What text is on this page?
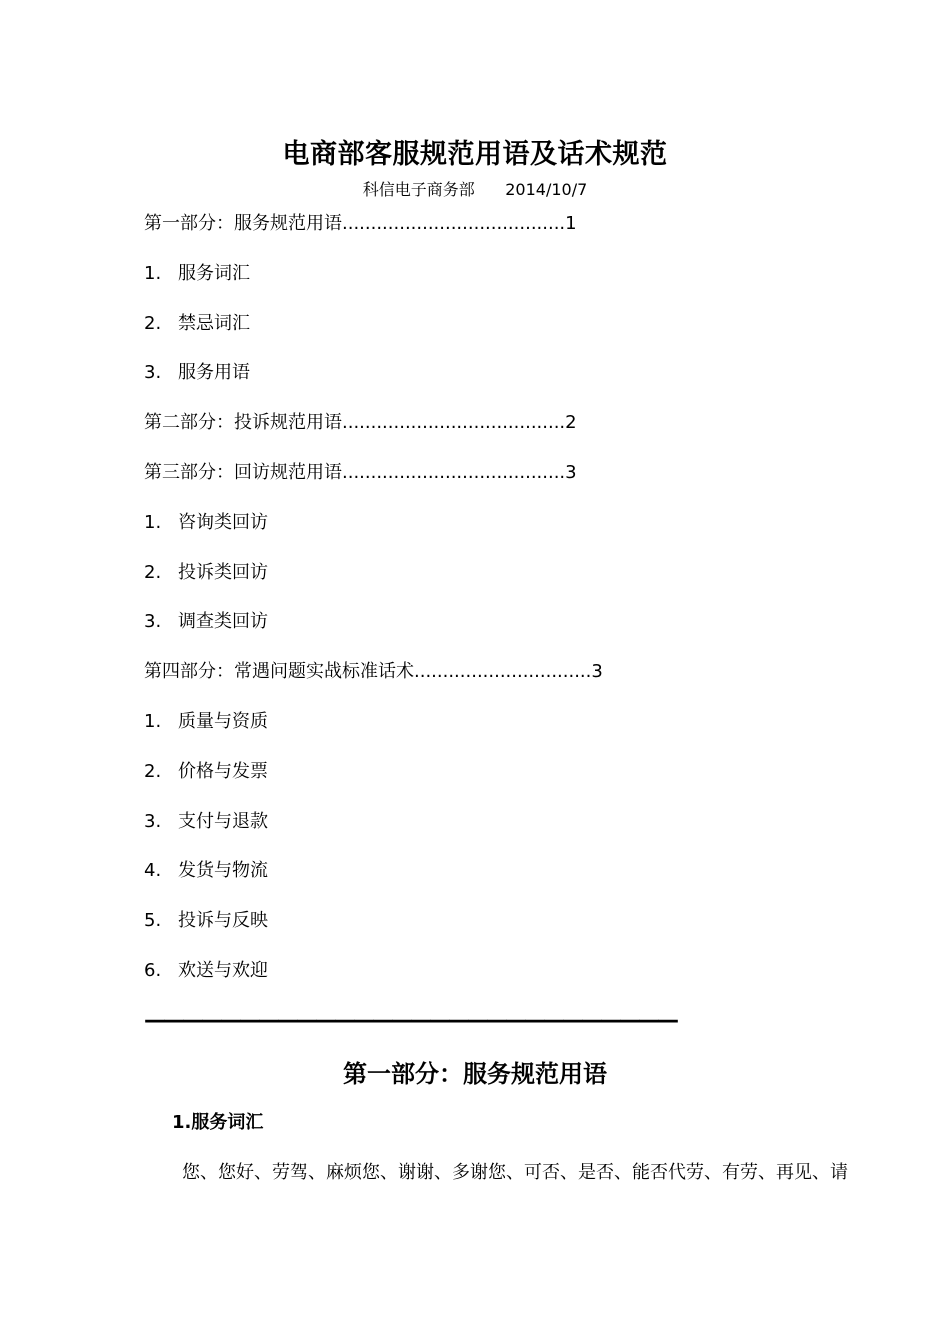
电商部客服规范用语及话术规范
科信电子商务部      2014/10/7
第一部分：服务规范用语.......................................1
1. 服务词汇
2. 禁忌词汇
3. 服务用语
第二部分：投诉规范用语.......................................2
第三部分：回访规范用语.......................................3
1. 咨询类回访
2. 投诉类回访
3. 调查类回访
第四部分：常遇问题实战标准话术...............................3
1. 质量与资质
2. 价格与发票
3. 支付与退款
4. 发货与物流
5. 投诉与反映
6. 欢送与欢迎
————————————————————————————
第一部分：服务规范用语
1.服务词汇
您、您好、劳驾、麻烦您、谢谢、多谢您、可否、是否、能否代劳、有劳、再见、请
